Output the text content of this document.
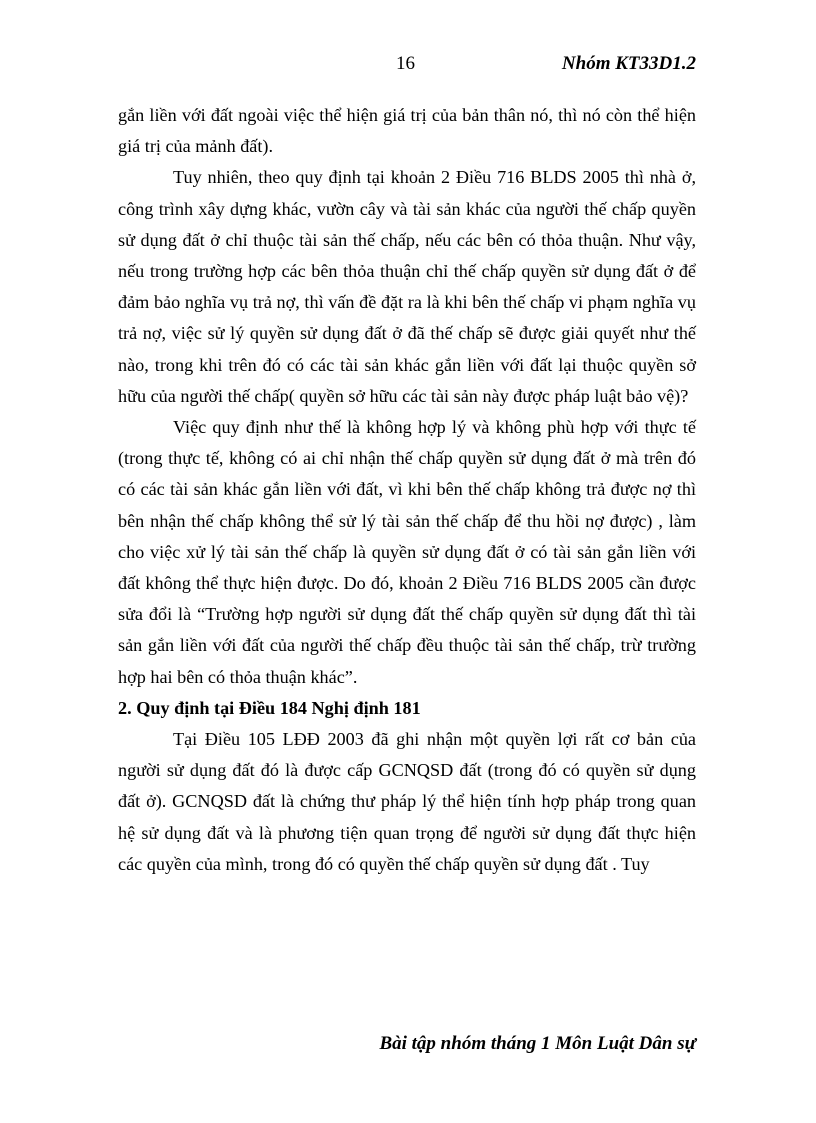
16	Nhóm KT33D1.2

gắn liền với đất ngoài việc thể hiện giá trị của bản thân nó, thì nó còn thể hiện giá trị của mảnh đất).

Tuy nhiên, theo quy định tại khoản 2 Điều 716 BLDS 2005 thì nhà ở, công trình xây dựng khác, vườn cây và tài sản khác của người thế chấp quyền sử dụng đất ở chỉ thuộc tài sản thế chấp, nếu các bên có thỏa thuận. Như vậy, nếu trong trường hợp các bên thỏa thuận chỉ thế chấp quyền sử dụng đất ở để đảm bảo nghĩa vụ trả nợ, thì vấn đề đặt ra là khi bên thế chấp vi phạm nghĩa vụ trả nợ, việc sử lý quyền sử dụng đất ở đã thế chấp sẽ được giải quyết như thế nào, trong khi trên đó có các tài sản khác gắn liền với đất lại thuộc quyền sở hữu của người thế chấp( quyền sở hữu các tài sản này được pháp luật bảo vệ)?

Việc quy định như thế là không hợp lý và không phù hợp với thực tế (trong thực tế, không có ai chỉ nhận thế chấp quyền sử dụng đất ở mà trên đó có các tài sản khác gắn liền với đất, vì khi bên thế chấp không trả được nợ thì bên nhận thế chấp không thể sử lý tài sản thế chấp để thu hồi nợ được) , làm cho việc xử lý tài sản thế chấp là quyền sử dụng đất ở có tài sản gắn liền với đất không thể thực hiện được. Do đó, khoản 2 Điều 716 BLDS 2005 cần được sửa đổi là “Trường hợp người sử dụng đất thế chấp quyền sử dụng đất thì tài sản gắn liền với đất của người thế chấp đều thuộc tài sản thế chấp, trừ trường hợp hai bên có thỏa thuận khác”.

2. Quy định tại Điều 184 Nghị định 181

Tại Điều 105 LĐĐ 2003 đã ghi nhận một quyền lợi rất cơ bản của người sử dụng đất đó là được cấp GCNQSD đất (trong đó có quyền sử dụng đất ở). GCNQSD đất là chứng thư pháp lý thể hiện tính hợp pháp trong quan hệ sử dụng đất và là phương tiện quan trọng để người sử dụng đất thực hiện các quyền của mình, trong đó có quyền thế chấp quyền sử dụng đất . Tuy

Bài tập nhóm tháng 1 Môn Luật Dân sự
